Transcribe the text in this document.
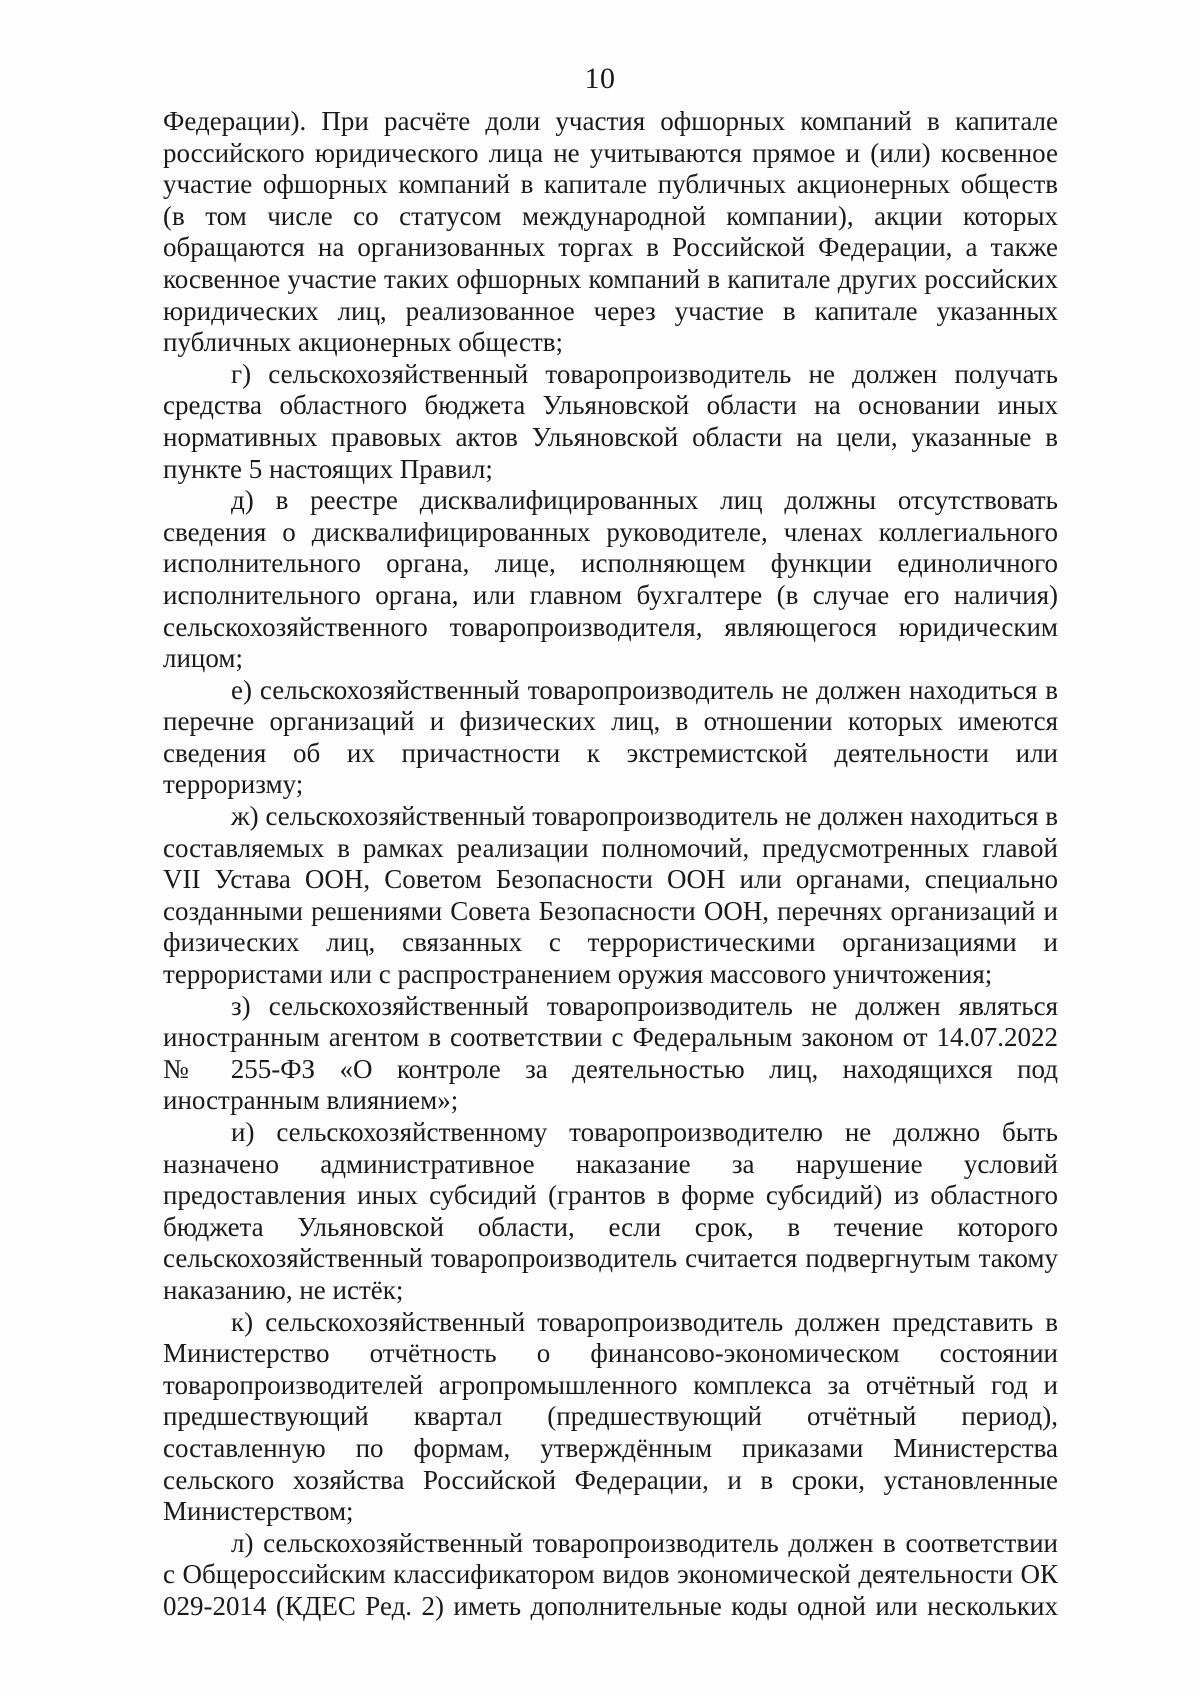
10

Федерации). При расчёте доли участия офшорных компаний в капитале российского юридического лица не учитываются прямое и (или) косвенное участие офшорных компаний в капитале публичных акционерных обществ (в том числе со статусом международной компании), акции которых обращаются на организованных торгах в Российской Федерации, а также косвенное участие таких офшорных компаний в капитале других российских юридических лиц, реализованное через участие в капитале указанных публичных акционерных обществ;

г) сельскохозяйственный товаропроизводитель не должен получать средства областного бюджета Ульяновской области на основании иных нормативных правовых актов Ульяновской области на цели, указанные в пункте 5 настоящих Правил;

д) в реестре дисквалифицированных лиц должны отсутствовать сведения о дисквалифицированных руководителе, членах коллегиального исполнительного органа, лице, исполняющем функции единоличного исполнительного органа, или главном бухгалтере (в случае его наличия) сельскохозяйственного товаропроизводителя, являющегося юридическим лицом;

е) сельскохозяйственный товаропроизводитель не должен находиться в перечне организаций и физических лиц, в отношении которых имеются сведения об их причастности к экстремистской деятельности или терроризму;

ж) сельскохозяйственный товаропроизводитель не должен находиться в составляемых в рамках реализации полномочий, предусмотренных главой VII Устава ООН, Советом Безопасности ООН или органами, специально созданными решениями Совета Безопасности ООН, перечнях организаций и физических лиц, связанных с террористическими организациями и террористами или с распространением оружия массового уничтожения;

з) сельскохозяйственный товаропроизводитель не должен являться иностранным агентом в соответствии с Федеральным законом от 14.07.2022 № 255-ФЗ «О контроле за деятельностью лиц, находящихся под иностранным влиянием»;

и) сельскохозяйственному товаропроизводителю не должно быть назначено административное наказание за нарушение условий предоставления иных субсидий (грантов в форме субсидий) из областного бюджета Ульяновской области, если срок, в течение которого сельскохозяйственный товаропроизводитель считается подвергнутым такому наказанию, не истёк;

к) сельскохозяйственный товаропроизводитель должен представить в Министерство отчётность о финансово-экономическом состоянии товаропроизводителей агропромышленного комплекса за отчётный год и предшествующий квартал (предшествующий отчётный период), составленную по формам, утверждённым приказами Министерства сельского хозяйства Российской Федерации, и в сроки, установленные Министерством;

л) сельскохозяйственный товаропроизводитель должен в соответствии с Общероссийским классификатором видов экономической деятельности ОК 029-2014 (КДЕС Ред. 2) иметь дополнительные коды одной или нескольких
